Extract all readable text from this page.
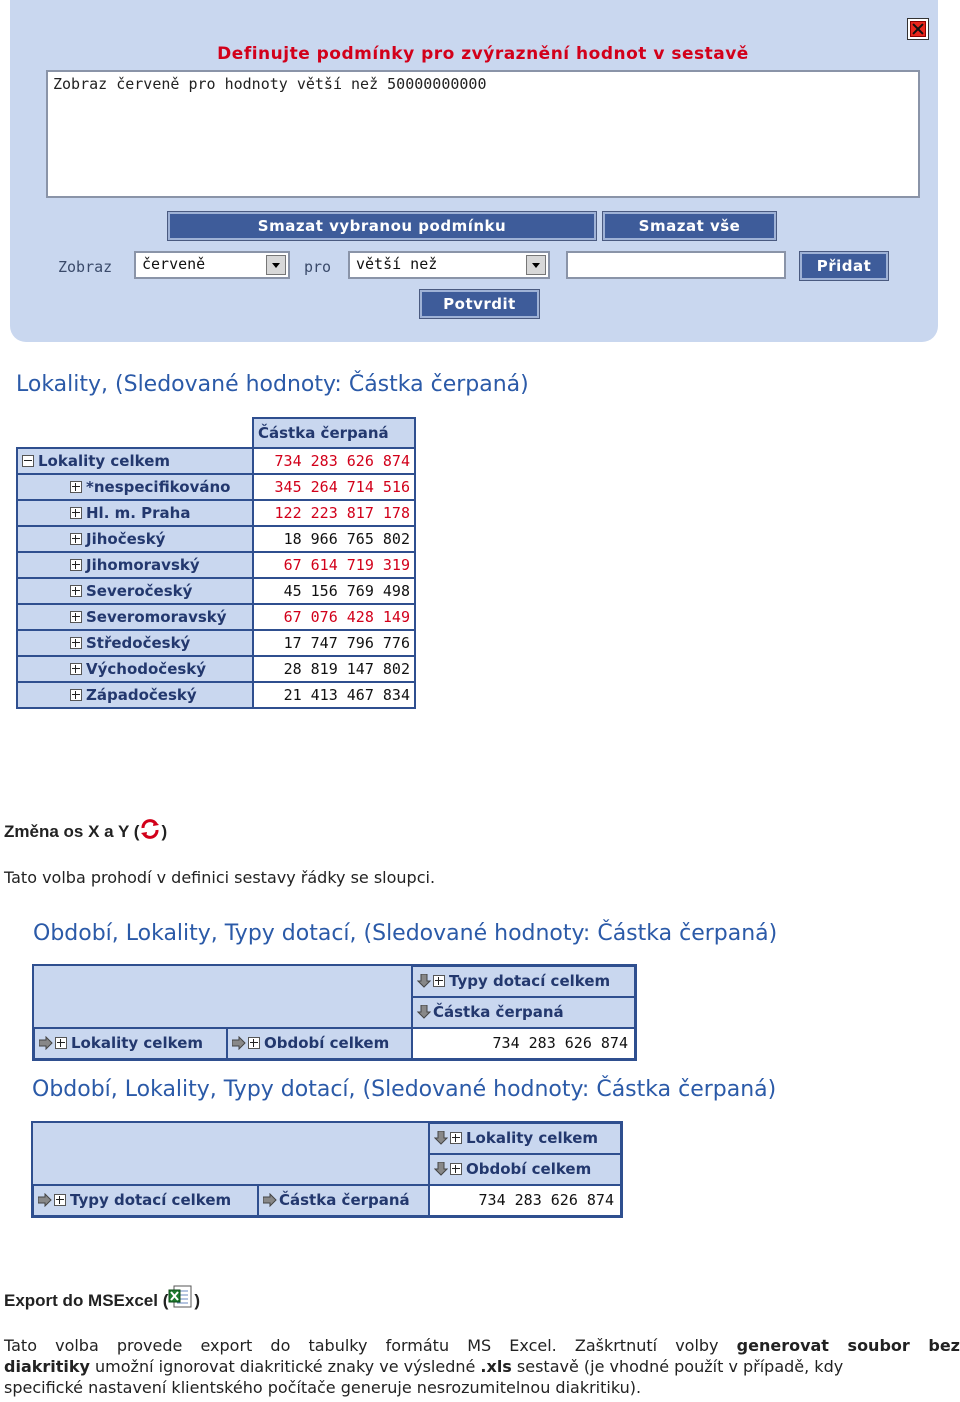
Definujte podmínky pro zvýraznění hodnot v sestavě
Zobraz červeně pro hodnoty větší než 50000000000
Smazat vybranou podmínku	Smazat vše
Zobraz	červeně	pro	větší než	Přidat
Potvrdit
Lokality, (Sledované hodnoty: Částka čerpaná)
	Částka čerpaná
Lokality celkem	734 283 626 874
*nespecifikováno	345 264 714 516
Hl. m. Praha	122 223 817 178
Jihočeský	18 966 765 802
Jihomoravský	67 614 719 319
Severočeský	45 156 769 498
Severomoravský	67 076 428 149
Středočeský	17 747 796 776
Východočeský	28 819 147 802
Západočeský	21 413 467 834
Změna os X a Y ( )
Tato volba prohodí v definici sestavy řádky se sloupci.
Období, Lokality, Typy dotací, (Sledované hodnoty: Částka čerpaná)
Typy dotací celkem
Částka čerpaná
Lokality celkem	Období celkem	734 283 626 874
Období, Lokality, Typy dotací, (Sledované hodnoty: Částka čerpaná)
Lokality celkem
Období celkem
Typy dotací celkem	Částka čerpaná	734 283 626 874
Export do MSExcel ( )
Tato volba provede export do tabulky formátu MS Excel. Zaškrtnutí volby generovat soubor bez
diakritiky umožní ignorovat diakritické znaky ve výsledné .xls sestavě (je vhodné použít v případě, kdy
specifické nastavení klientského počítače generuje nesrozumitelnou diakritiku).
